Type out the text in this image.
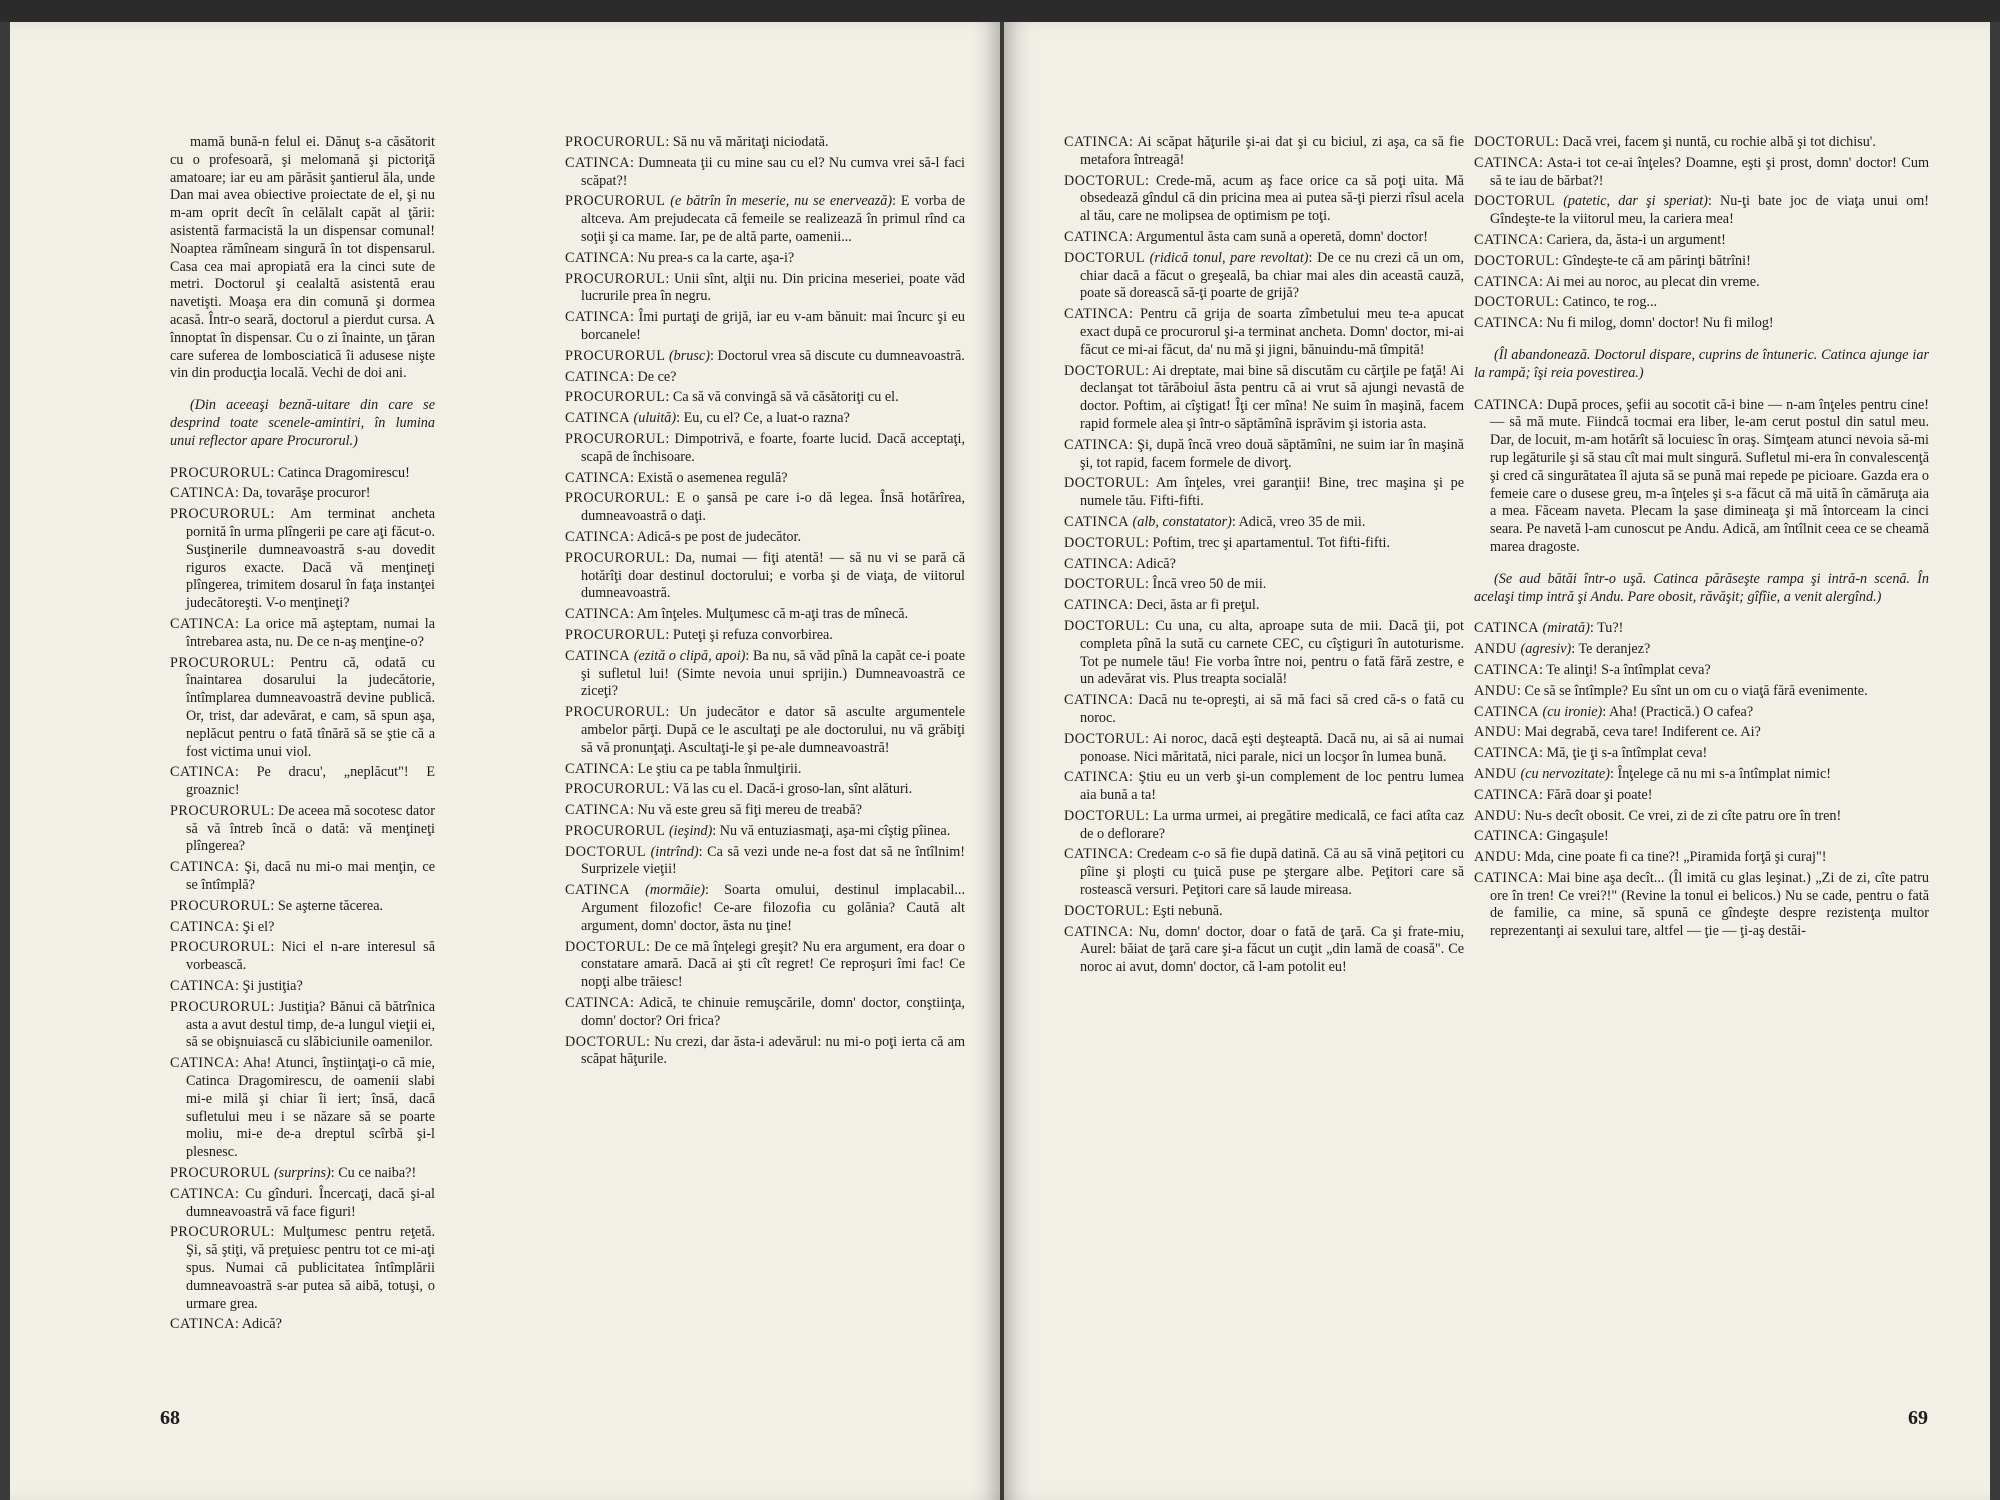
mamă bună-n felul ei. Dănuţ s-a căsătorit cu o profesoară, şi melomană şi pictoriţă amatoare; iar eu am părăsit şantierul ăla, unde Dan mai avea obiective proiectate de el, şi nu m-am oprit decît în celălalt capăt al ţării: asistentă farmacistă la un dispensar comunal! Noaptea rămîneam singură în tot dispensarul. Casa cea mai apropiată era la cinci sute de metri. Doctorul şi cealaltă asistentă erau navetişti. Moaşa era din comună şi dormea acasă. Într-o seară, doctorul a pierdut cursa. A înnoptat în dispensar. Cu o zi înainte, un ţăran care suferea de lombosciatică îi adusese nişte vin din producţia locală. Vechi de doi ani.

(Din aceeaşi beznă-uitare din care se desprind toate scenele-amintiri, în lumina unui reflector apare Procurorul.)

PROCURORUL: Catinca Dragomirescu!

CATINCA: Da, tovarăşe procuror!

PROCURORUL: Am terminat ancheta pornită în urma plîngerii pe care aţi făcut-o. Susţinerile dumneavoastră s-au dovedit riguros exacte. Dacă vă menţineţi plîngerea, trimitem dosarul în faţa instanţei judecătoreşti. V-o menţineţi?

CATINCA: La orice mă aşteptam, numai la întrebarea asta, nu. De ce n-aş menţine-o?

PROCURORUL: Pentru că, odată cu înaintarea dosarului la judecătorie, întîmplarea dumneavoastră devine publică. Or, trist, dar adevărat, e cam, să spun aşa, neplăcut pentru o fată tînără să se ştie că a fost victima unui viol.

CATINCA: Pe dracu', „neplăcut"! E groaznic!

PROCURORUL: De aceea mă socotesc dator să vă întreb încă o dată: vă menţineţi plîngerea?

CATINCA: Şi, dacă nu mi-o mai menţin, ce se întîmplă?

PROCURORUL: Se aşterne tăcerea.

CATINCA: Şi el?

PROCURORUL: Nici el n-are interesul să vorbească.

CATINCA: Şi justiţia?

PROCURORUL: Justiţia? Bănui că bătrînica asta a avut destul timp, de-a lungul vieţii ei, să se obişnuiască cu slăbiciunile oamenilor.

CATINCA: Aha! Atunci, înştiinţaţi-o că mie, Catinca Dragomirescu, de oamenii slabi mi-e milă şi chiar îi iert; însă, dacă sufletului meu i se năzare să se poarte moliu, mi-e de-a dreptul scîrbă şi-l plesnesc.

PROCURORUL (surprins): Cu ce naiba?!

CATINCA: Cu gînduri. Încercaţi, dacă şi-al dumneavoastră vă face figuri!

PROCURORUL: Mulţumesc pentru reţetă. Şi, să ştiţi, vă preţuiesc pentru tot ce mi-aţi spus. Numai că publicitatea întîmplării dumneavoastră s-ar putea să aibă, totuşi, o urmare grea.

CATINCA: Adică?

PROCURORUL: Să nu vă măritaţi niciodată.

CATINCA: Dumneata ţii cu mine sau cu el? Nu cumva vrei să-l faci scăpat?!

PROCURORUL (e bătrîn în meserie, nu se enervează): E vorba de altceva. Am prejudecata că femeile se realizează în primul rînd ca soţii şi ca mame. Iar, pe de altă parte, oamenii...

CATINCA: Nu prea-s ca la carte, aşa-i?

PROCURORUL: Unii sînt, alţii nu. Din pricina meseriei, poate văd lucrurile prea în negru.

CATINCA: Îmi purtaţi de grijă, iar eu v-am bănuit: mai încurc şi eu borcanele!

PROCURORUL (brusc): Doctorul vrea să discute cu dumneavoastră.

CATINCA: De ce?

PROCURORUL: Ca să vă convingă să vă căsătoriţi cu el.

CATINCA (uluită): Eu, cu el? Ce, a luat-o razna?

PROCURORUL: Dimpotrivă, e foarte, foarte lucid. Dacă acceptaţi, scapă de închisoare.

CATINCA: Există o asemenea regulă?

PROCURORUL: E o şansă pe care i-o dă legea. Însă hotărîrea, dumneavoastră o daţi.

CATINCA: Adică-s pe post de judecător.

PROCURORUL: Da, numai — fiţi atentă! — să nu vi se pară că hotărîţi doar destinul doctorului; e vorba şi de viaţa, de viitorul dumneavoastră.

CATINCA: Am înţeles. Mulţumesc că m-aţi tras de mînecă.

PROCURORUL: Puteţi şi refuza convorbirea.

CATINCA (ezită o clipă, apoi): Ba nu, să văd pînă la capăt ce-i poate şi sufletul lui! (Simte nevoia unui sprijin.) Dumneavoastră ce ziceţi?

PROCURORUL: Un judecător e dator să asculte argumentele ambelor părţi. După ce le ascultaţi pe ale doctorului, nu vă grăbiţi să vă pronunţaţi. Ascultaţi-le şi pe-ale dumneavoastră!

CATINCA: Le ştiu ca pe tabla înmulţirii.

PROCURORUL: Vă las cu el. Dacă-i groso-lan, sînt alături.

CATINCA: Nu vă este greu să fiţi mereu de treabă?

PROCURORUL (ieşind): Nu vă entuziasmaţi, aşa-mi cîştig pîinea.

DOCTORUL (intrînd): Ca să vezi unde ne-a fost dat să ne întîlnim! Surprizele vieţii!

CATINCA (mormăie): Soarta omului, destinul implacabil... Argument filozofic! Ce-are filozofia cu golănia? Caută alt argument, domn' doctor, ăsta nu ţine!

DOCTORUL: De ce mă înţelegi greşit? Nu era argument, era doar o constatare amară. Dacă ai şti cît regret! Ce reproşuri îmi fac! Ce nopţi albe trăiesc!

CATINCA: Adică, te chinuie remuşcările, domn' doctor, conştiinţa, domn' doctor? Ori frica?

DOCTORUL: Nu crezi, dar ăsta-i adevărul: nu mi-o poţi ierta că am scăpat hăţurile.

68

CATINCA: Ai scăpat hăţurile şi-ai dat şi cu biciul, zi aşa, ca să fie metafora întreagă!

DOCTORUL: Crede-mă, acum aş face orice ca să poţi uita. Mă obsedează gîndul că din pricina mea ai putea să-ţi pierzi rîsul acela al tău, care ne molipsea de optimism pe toţi.

CATINCA: Argumentul ăsta cam sună a operetă, domn' doctor!

DOCTORUL (ridică tonul, pare revoltat): De ce nu crezi că un om, chiar dacă a făcut o greşeală, ba chiar mai ales din această cauză, poate să dorească să-ţi poarte de grijă?

CATINCA: Pentru că grija de soarta zîmbetului meu te-a apucat exact după ce procurorul şi-a terminat ancheta. Domn' doctor, mi-ai făcut ce mi-ai făcut, da' nu mă şi jigni, bănuindu-mă tîmpită!

DOCTORUL: Ai dreptate, mai bine să discutăm cu cărţile pe faţă! Ai declanşat tot tărăboiul ăsta pentru că ai vrut să ajungi nevastă de doctor. Poftim, ai cîştigat! Îţi cer mîna! Ne suim în maşină, facem rapid formele alea şi într-o săptămînă isprăvim şi istoria asta.

CATINCA: Şi, după încă vreo două săptămîni, ne suim iar în maşină şi, tot rapid, facem formele de divorţ.

DOCTORUL: Am înţeles, vrei garanţii! Bine, trec maşina şi pe numele tău. Fifti-fifti.

CATINCA (alb, constatator): Adică, vreo 35 de mii.

DOCTORUL: Poftim, trec şi apartamentul. Tot fifti-fifti.

CATINCA: Adică?

DOCTORUL: Încă vreo 50 de mii.

CATINCA: Deci, ăsta ar fi preţul.

DOCTORUL: Cu una, cu alta, aproape suta de mii. Dacă ţii, pot completa pînă la sută cu carnete CEC, cu cîştiguri în autoturisme. Tot pe numele tău! Fie vorba între noi, pentru o fată fără zestre, e un adevărat vis. Plus treapta socială!

CATINCA: Dacă nu te-opreşti, ai să mă faci să cred că-s o fată cu noroc.

DOCTORUL: Ai noroc, dacă eşti deşteaptă. Dacă nu, ai să ai numai ponoase. Nici măritată, nici parale, nici un locşor în lumea bună.

CATINCA: Ştiu eu un verb şi-un complement de loc pentru lumea aia bună a ta!

DOCTORUL: La urma urmei, ai pregătire medicală, ce faci atîta caz de o deflorare?

CATINCA: Credeam c-o să fie după datină. Că au să vină peţitori cu pîine şi ploşti cu ţuică puse pe ştergare albe. Peţitori care să rostească versuri. Peţitori care să laude mireasa.

DOCTORUL: Eşti nebună.

CATINCA: Nu, domn' doctor, doar o fată de ţară. Ca şi frate-miu, Aurel: băiat de ţară care şi-a făcut un cuţit „din lamă de coasă". Ce noroc ai avut, domn' doctor, că l-am potolit eu!

DOCTORUL: Dacă vrei, facem şi nuntă, cu rochie albă şi tot dichisu'.

CATINCA: Asta-i tot ce-ai înţeles? Doamne, eşti şi prost, domn' doctor! Cum să te iau de bărbat?!

DOCTORUL (patetic, dar şi speriat): Nu-ţi bate joc de viaţa unui om! Gîndeşte-te la viitorul meu, la cariera mea!

CATINCA: Cariera, da, ăsta-i un argument!

DOCTORUL: Gîndeşte-te că am părinţi bătrîni!

CATINCA: Ai mei au noroc, au plecat din vreme.

DOCTORUL: Catinco, te rog...

CATINCA: Nu fi milog, domn' doctor! Nu fi milog!

(Îl abandonează. Doctorul dispare, cuprins de întuneric. Catinca ajunge iar la rampă; îşi reia povestirea.)

CATINCA: După proces, şefii au socotit că-i bine — n-am înţeles pentru cine! — să mă mute. Fiindcă tocmai era liber, le-am cerut postul din satul meu. Dar, de locuit, m-am hotărît să locuiesc în oraş. Simţeam atunci nevoia să-mi rup legăturile şi să stau cît mai mult singură. Sufletul mi-era în convalescenţă şi cred că singurătatea îl ajuta să se pună mai repede pe picioare. Gazda era o femeie care o dusese greu, m-a înţeles şi s-a făcut că mă uită în cămăruţa aia a mea. Făceam naveta. Plecam la şase dimineaţa şi mă întorceam la cinci seara. Pe navetă l-am cunoscut pe Andu. Adică, am întîlnit ceea ce se cheamă marea dragoste.

(Se aud bătăi într-o uşă. Catinca părăseşte rampa şi intră-n scenă. În acelaşi timp intră şi Andu. Pare obosit, răvăşit; gîfîie, a venit alergînd.)

CATINCA (mirată): Tu?!

ANDU (agresiv): Te deranjez?

CATINCA: Te alinţi! S-a întîmplat ceva?

ANDU: Ce să se întîmple? Eu sînt un om cu o viaţă fără evenimente.

CATINCA (cu ironie): Aha! (Practică.) O cafea?

ANDU: Mai degrabă, ceva tare! Indiferent ce. Ai?

CATINCA: Mă, ţie ţi s-a întîmplat ceva!

ANDU (cu nervozitate): Înţelege că nu mi s-a întîmplat nimic!

CATINCA: Fără doar şi poate!

ANDU: Nu-s decît obosit. Ce vrei, zi de zi cîte patru ore în tren!

CATINCA: Gingaşule!

ANDU: Mda, cine poate fi ca tine?! „Piramida forţă şi curaj"!

CATINCA: Mai bine aşa decît... (Îl imită cu glas leşinat.) „Zi de zi, cîte patru ore în tren! Ce vrei?!" (Revine la tonul ei belicos.) Nu se cade, pentru o fată de familie, ca mine, să spună ce gîndeşte despre rezistenţa multor reprezentanţi ai sexului tare, altfel — ţie — ţi-aş destăi-

69
